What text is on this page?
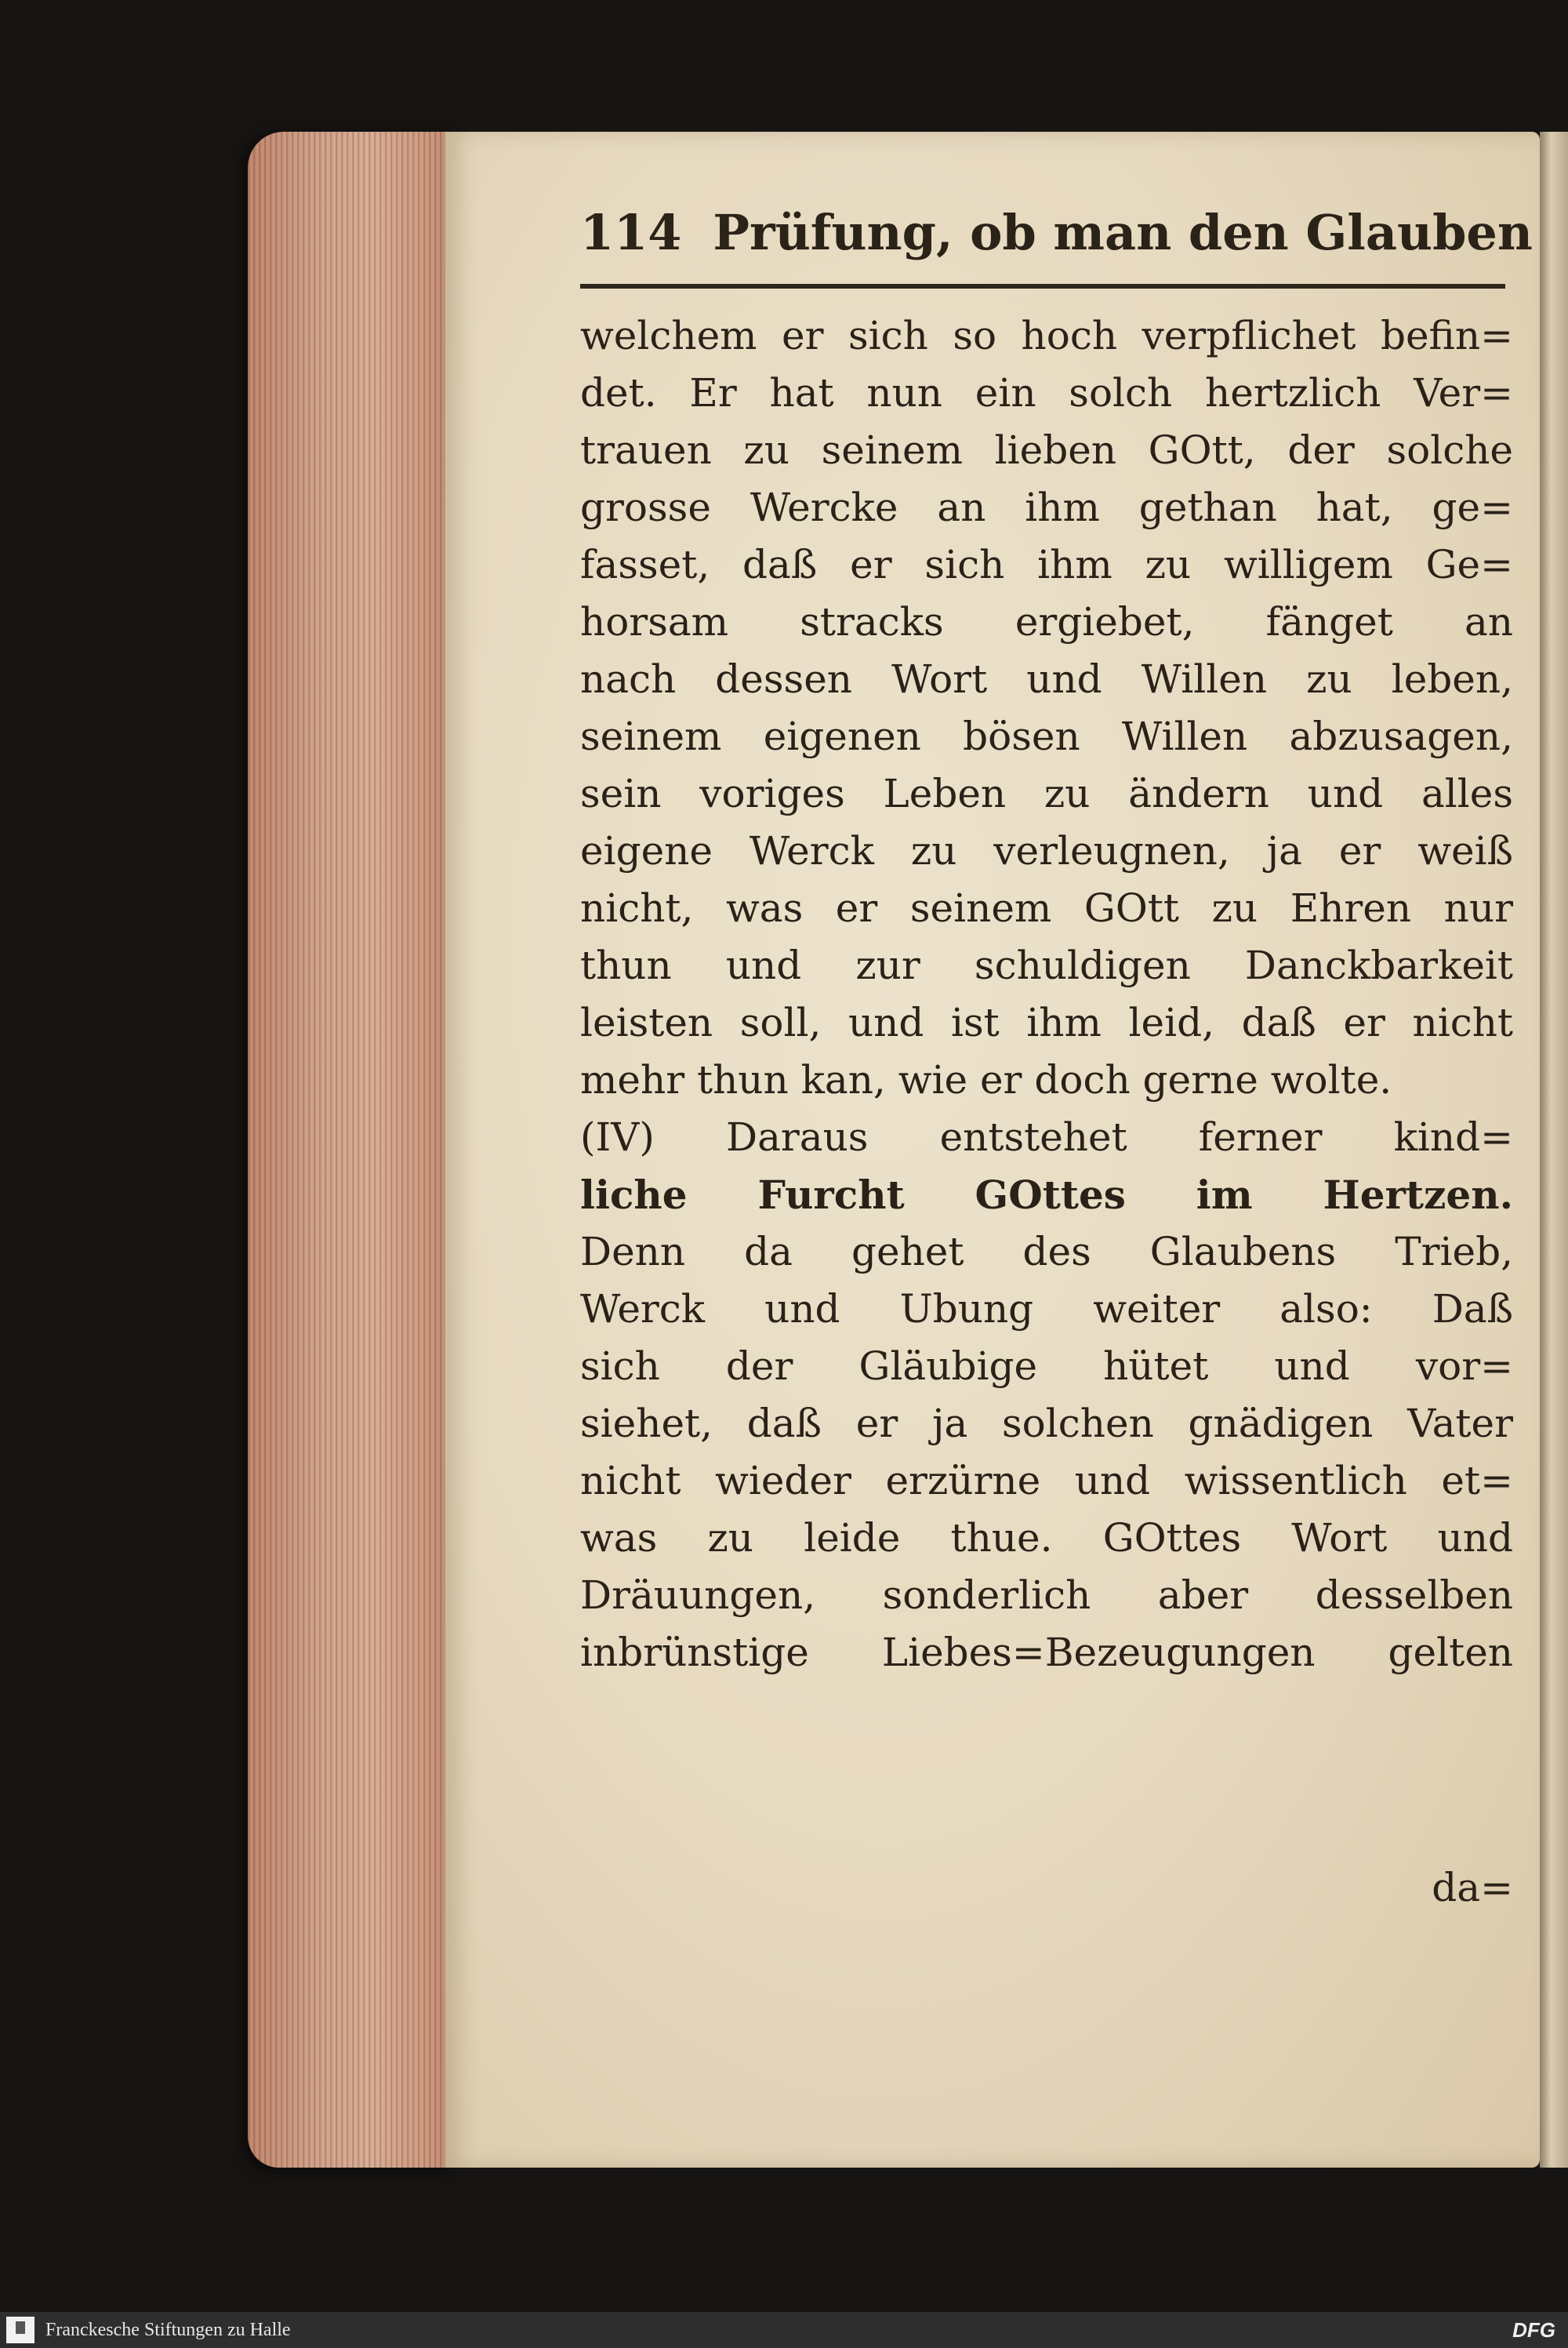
114 Prüfung, ob man den Glauben
welchem er sich so hoch verpflichet befin=
det. Er hat nun ein solch hertzlich Ver=
trauen zu seinem lieben GOtt, der solche
grosse Wercke an ihm gethan hat, ge=
fasset, daß er sich ihm zu willigem Ge=
horsam stracks ergiebet, fänget an
nach dessen Wort und Willen zu leben,
seinem eigenen bösen Willen abzusagen,
sein voriges Leben zu ändern und alles
eigene Werck zu verleugnen, ja er weiß
nicht, was er seinem GOtt zu Ehren nur
thun und zur schuldigen Danckbarkeit
leisten soll, und ist ihm leid, daß er nicht
mehr thun kan, wie er doch gerne wolte.
(IV) Daraus entstehet ferner kind=
liche Furcht GOttes im Hertzen.
Denn da gehet des Glaubens Trieb,
Werck und Ubung weiter also: Daß
sich der Gläubige hütet und vor=
siehet, daß er ja solchen gnädigen Vater
nicht wieder erzürne und wissentlich et=
was zu leide thue. GOttes Wort und
Dräuungen, sonderlich aber desselben
inbrünstige Liebes=Bezeugungen gelten
da=
Franckesche Stiftungen zu Halle	DFG
